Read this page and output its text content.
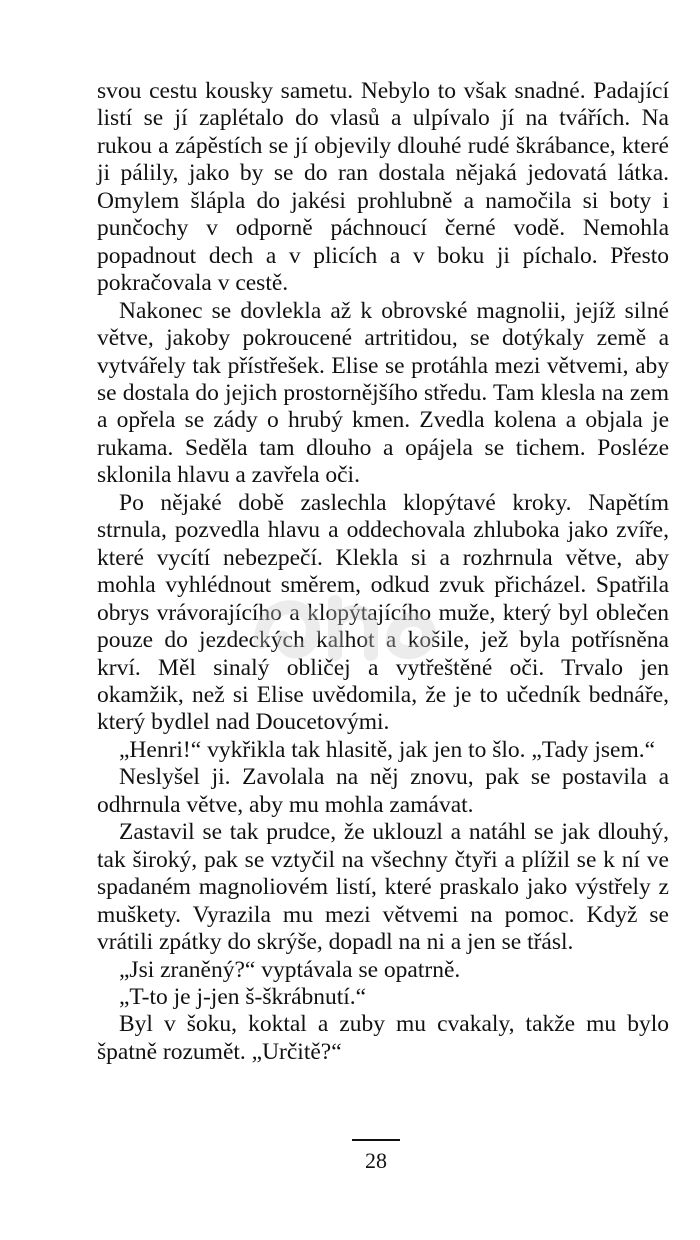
svou cestu kousky sametu. Nebylo to však snadné. Padající listí se jí zaplétalo do vlasů a ulpívalo jí na tvářích. Na rukou a zápěstích se jí objevily dlouhé rudé škrábance, které ji pálily, jako by se do ran dostala nějaká jedovatá látka. Omylem šlápla do jakési prohlubně a namočila si boty i punčochy v odporně páchnoucí černé vodě. Nemohla popadnout dech a v plicích a v boku ji píchalo. Přesto pokračovala v cestě.

Nakonec se dovlekla až k obrovské magnolii, jejíž silné větve, jakoby pokroucené artritidou, se dotýkaly země a vytvářely tak přístřešek. Elise se protáhla mezi větvemi, aby se dostala do jejich prostornějšího středu. Tam klesla na zem a opřela se zády o hrubý kmen. Zvedla kolena a objala je rukama. Seděla tam dlouho a opájela se tichem. Posléze sklonila hlavu a zavřela oči.

Po nějaké době zaslechla klopýtavé kroky. Napětím strnula, pozvedla hlavu a oddechovala zhluboka jako zvíře, které vycítí nebezpečí. Klekla si a rozhrnula větve, aby mohla vyhlédnout směrem, odkud zvuk přicházel. Spatřila obrys vrávorajícího a klopýtajícího muže, který byl oblečen pouze do jezdeckých kalhot a košile, jež byla potřísněna krví. Měl sinalý obličej a vytřeštěné oči. Trvalo jen okamžik, než si Elise uvědomila, že je to učedník bednáře, který bydlel nad Doucetovými.

„Henri!“ vykřikla tak hlasitě, jak jen to šlo. „Tady jsem.“

Neslyšel ji. Zavolala na něj znovu, pak se postavila a odhrnula větve, aby mu mohla zamávat.

Zastavil se tak prudce, že uklouzl a natáhl se jak dlouhý, tak široký, pak se vztyčil na všechny čtyři a plížil se k ní ve spadaném magnoliovém listí, které praskalo jako výstřely z muškety. Vyrazila mu mezi větvemi na pomoc. Když se vrátili zpátky do skrýše, dopadl na ni a jen se třásl.

„Jsi zraněný?“ vyptávala se opatrně.

„T-to je j-jen š-škrábnutí.“

Byl v šoku, koktal a zuby mu cvakaly, takže mu bylo špatně rozumět. „Určitě?“

28
